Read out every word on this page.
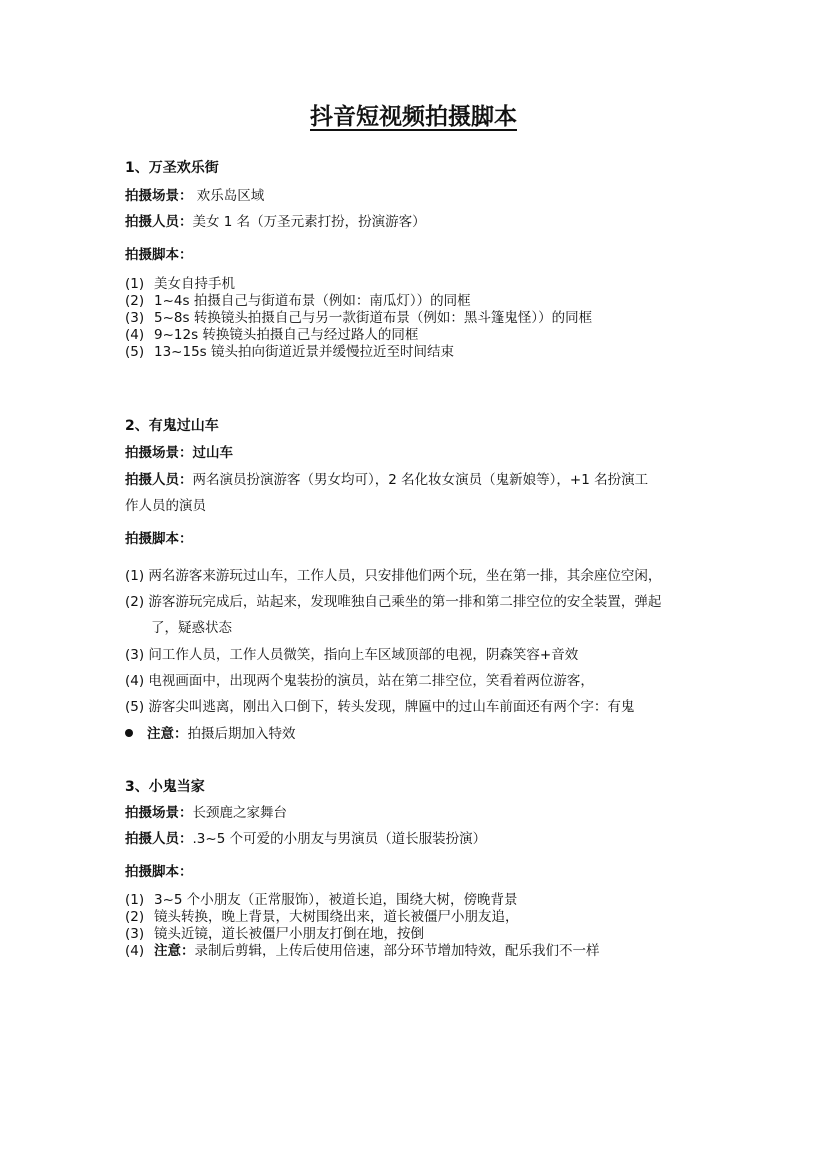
抖音短视频拍摄脚本
1、万圣欢乐街
拍摄场景： 欢乐岛区域
拍摄人员：美女 1 名（万圣元素打扮，扮演游客）
拍摄脚本：
(1) 美女自持手机
(2) 1~4s 拍摄自己与街道布景（例如：南瓜灯））的同框
(3) 5~8s 转换镜头拍摄自己与另一款街道布景（例如：黑斗篷鬼怪））的同框
(4) 9~12s 转换镜头拍摄自己与经过路人的同框
(5) 13~15s 镜头拍向街道近景并缓慢拉近至时间结束
2、有鬼过山车
拍摄场景：过山车
拍摄人员：两名演员扮演游客（男女均可），2 名化妆女演员（鬼新娘等），+1 名扮演工
作人员的演员
拍摄脚本：
(1) 两名游客来游玩过山车，工作人员，只安排他们两个玩，坐在第一排，其余座位空闲，
(2) 游客游玩完成后，站起来，发现唯独自己乘坐的第一排和第二排空位的安全装置，弹起
了，疑惑状态
(3) 问工作人员，工作人员微笑，指向上车区域顶部的电视，阴森笑容+音效
(4) 电视画面中，出现两个鬼装扮的演员，站在第二排空位，笑看着两位游客，
(5) 游客尖叫逃离，刚出入口倒下，转头发现，牌匾中的过山车前面还有两个字：有鬼
注意：拍摄后期加入特效
3、小鬼当家
拍摄场景：长颈鹿之家舞台
拍摄人员：.3~5 个可爱的小朋友与男演员（道长服装扮演）
拍摄脚本：
(1) 3~5 个小朋友（正常服饰），被道长追，围绕大树，傍晚背景
(2) 镜头转换，晚上背景，大树围绕出来，道长被僵尸小朋友追，
(3) 镜头近镜，道长被僵尸小朋友打倒在地，按倒
(4) 注意：录制后剪辑，上传后使用倍速，部分环节增加特效，配乐我们不一样
